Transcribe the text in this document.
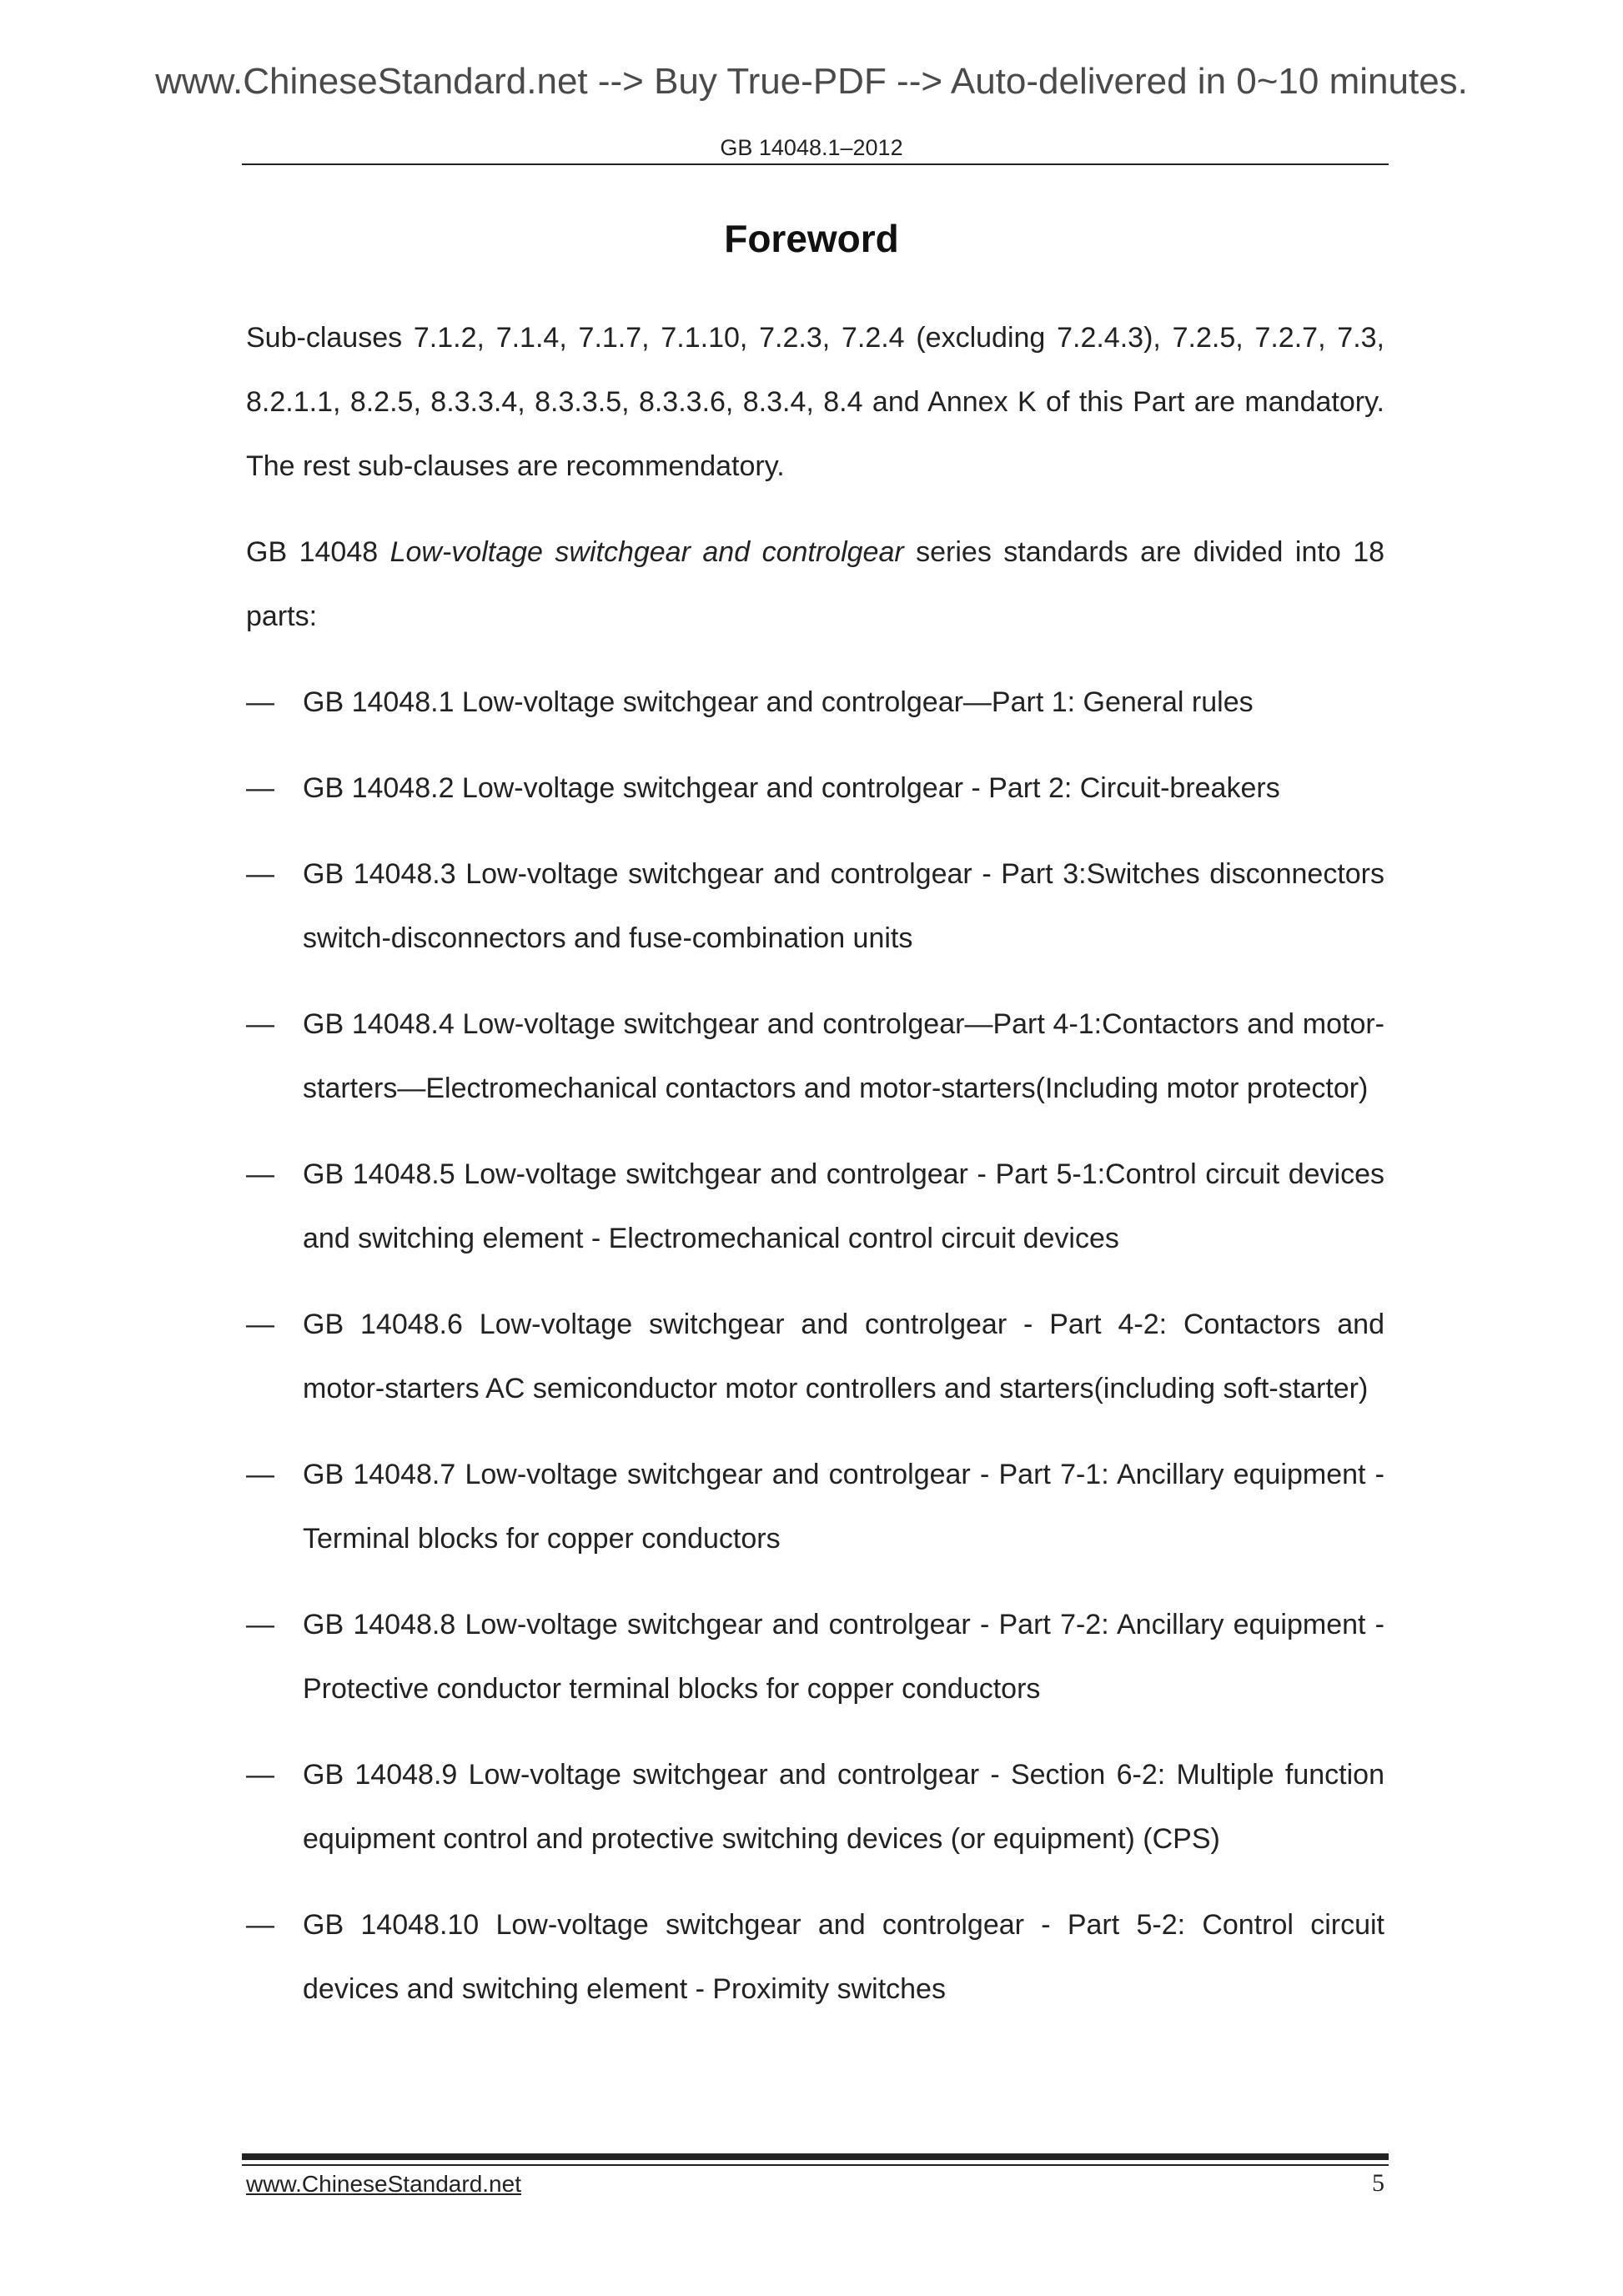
www.ChineseStandard.net --> Buy True-PDF --> Auto-delivered in 0~10 minutes.
GB 14048.1–2012
Foreword

Sub-clauses 7.1.2, 7.1.4, 7.1.7, 7.1.10, 7.2.3, 7.2.4 (excluding 7.2.4.3), 7.2.5, 7.2.7, 7.3, 8.2.1.1, 8.2.5, 8.3.3.4, 8.3.3.5, 8.3.3.6, 8.3.4, 8.4 and Annex K of this Part are mandatory. The rest sub-clauses are recommendatory.

GB 14048 Low-voltage switchgear and controlgear series standards are divided into 18 parts:

—	GB 14048.1 Low-voltage switchgear and controlgear—Part 1: General rules
—	GB 14048.2 Low-voltage switchgear and controlgear - Part 2: Circuit-breakers
—	GB 14048.3 Low-voltage switchgear and controlgear - Part 3:Switches disconnectors switch-disconnectors and fuse-combination units
—	GB 14048.4 Low-voltage switchgear and controlgear—Part 4-1:Contactors and motor-starters—Electromechanical contactors and motor-starters(Including motor protector)
—	GB 14048.5 Low-voltage switchgear and controlgear - Part 5-1:Control circuit devices and switching element - Electromechanical control circuit devices
—	GB 14048.6 Low-voltage switchgear and controlgear - Part 4-2: Contactors and motor-starters AC semiconductor motor controllers and starters(including soft-starter)
—	GB 14048.7 Low-voltage switchgear and controlgear - Part 7-1: Ancillary equipment - Terminal blocks for copper conductors
—	GB 14048.8 Low-voltage switchgear and controlgear - Part 7-2: Ancillary equipment - Protective conductor terminal blocks for copper conductors
—	GB 14048.9 Low-voltage switchgear and controlgear - Section 6-2: Multiple function equipment control and protective switching devices (or equipment) (CPS)
—	GB 14048.10 Low-voltage switchgear and controlgear - Part 5-2: Control circuit devices and switching element - Proximity switches
www.ChineseStandard.net	5
